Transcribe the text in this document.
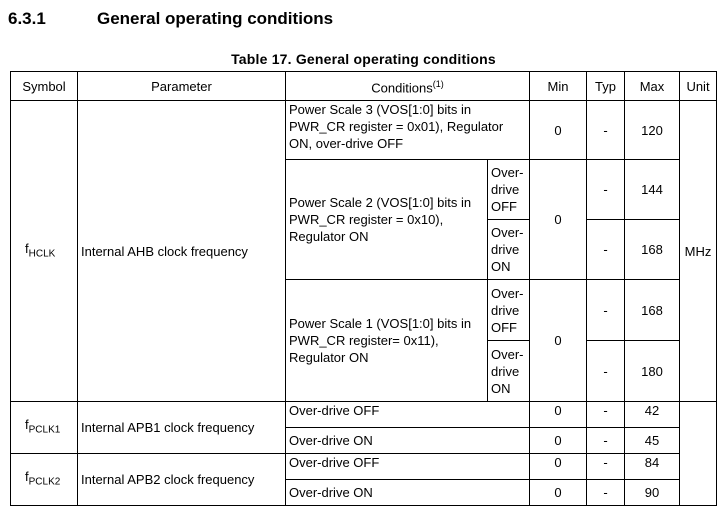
6.3.1	General operating conditions
Table 17. General operating conditions
Symbol	Parameter	Conditions$^{(1)}$		Min	Typ	Max	Unit
$f_{HCLK}$	Internal AHB clock frequency	Power Scale 3 (VOS[1:0] bits in PWR_CR register = 0x01), Regulator ON, over-drive OFF		0	-	120	MHz
		Power Scale 2 (VOS[1:0] bits in PWR_CR register = 0x10), Regulator ON	Over-drive OFF	0	-	144	
			Over-drive ON		-	168	
		Power Scale 1 (VOS[1:0] bits in PWR_CR register= 0x11), Regulator ON	Over-drive OFF	0	-	168	
			Over-drive ON		-	180	
$f_{PCLK1}$	Internal APB1 clock frequency	Over-drive OFF		0	-	42	
		Over-drive ON		0	-	45	
$f_{PCLK2}$	Internal APB2 clock frequency	Over-drive OFF		0	-	84	
		Over-drive ON		0	-	90	
